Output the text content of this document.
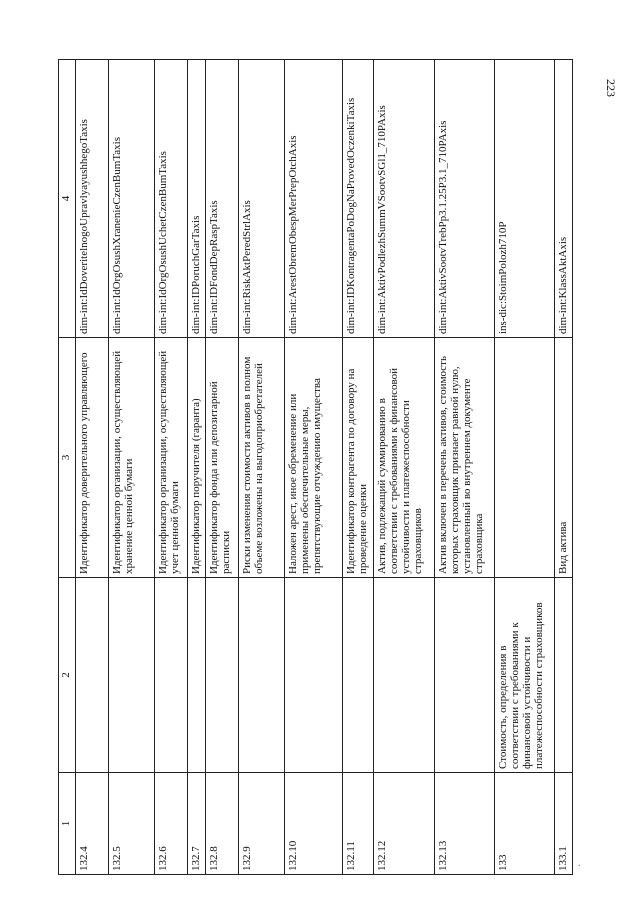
223
.
1	2	3	4
132.4		Идентификатор доверительного управляющего	dim-int:IdDoveritelnogoUpravlyayushhegoTaxis
132.5		Идентификатор организации, осуществляющей хранение ценной бумаги	dim-int:IdOrgOsushXraneniеCzenBumTaxis
132.6		Идентификатор организации, осуществляющей учет ценной бумаги	dim-int:IdOrgOsushUchetCzenBumTaxis
132.7		Идентификатор поручителя (гаранта)	dim-int:IDPoruchGarTaxis
132.8		Идентификатор фонда или депозитарной расписки	dim-int:IDFondDepRaspTaxis
132.9		Риски изменения стоимости активов в полном объеме возложены на выгодоприобретателей	dim-int:RiskAktPeredStrlAxis
132.10		Наложен арест, иное обременение или применены обеспечительные меры, препятствующие отчуждению имущества	dim-int:ArestObremObespMerPrepOtchAxis
132.11		Идентификатор контрагента по договору на проведение оценки	dim-int:IDKontragentaPoDogNaProvedOczenkiTaxis
132.12		Актив, подлежащий суммированию в соответствии с требованиями к финансовой устойчивости и платежеспособности страховщиков	dim-int:AktivPodlezhSummVSootvSGl1_710PAxis
132.13		Актив включен в перечень активов, стоимость которых страховщик признает равной нулю, установленный во внутреннем документе страховщика	dim-int:AktivSootvTrebPp3.1.25P3.1_710PAxis
133	Стоимость, определения в соответствии с требованиями к финансовой устойчивости и платежеспособности страховщиков		ins-dic:StoimPolozh710P
133.1		Вид актива	dim-int:KlassAktAxis
